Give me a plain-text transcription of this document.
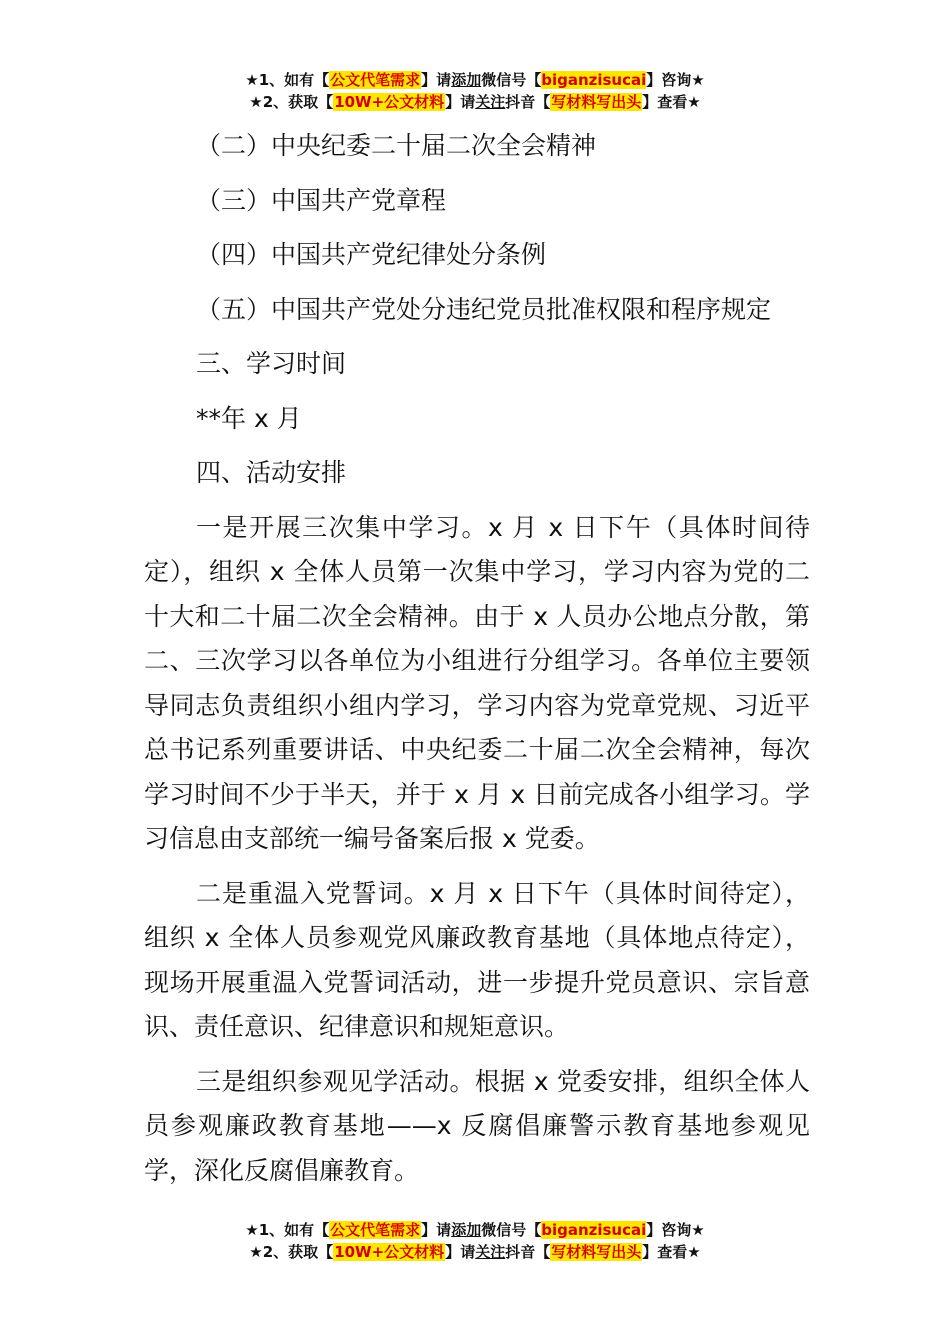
★1、如有【公文代笔需求】请添加微信号【biganzisucai】咨询★
★2、获取【10W+公文材料】请关注抖音【写材料写出头】查看★
（二）中央纪委二十届二次全会精神
（三）中国共产党章程
（四）中国共产党纪律处分条例
（五）中国共产党处分违纪党员批准权限和程序规定
三、学习时间
**年 x 月
四、活动安排

一是开展三次集中学习。x 月 x 日下午（具体时间待定），组织 x 全体人员第一次集中学习，学习内容为党的二十大和二十届二次全会精神。由于 x 人员办公地点分散，第二、三次学习以各单位为小组进行分组学习。各单位主要领导同志负责组织小组内学习，学习内容为党章党规、习近平总书记系列重要讲话、中央纪委二十届二次全会精神，每次学习时间不少于半天，并于 x 月 x 日前完成各小组学习。学习信息由支部统一编号备案后报 x 党委。

二是重温入党誓词。x 月 x 日下午（具体时间待定），组织 x 全体人员参观党风廉政教育基地（具体地点待定），现场开展重温入党誓词活动，进一步提升党员意识、宗旨意识、责任意识、纪律意识和规矩意识。

三是组织参观见学活动。根据 x 党委安排，组织全体人员参观廉政教育基地——x 反腐倡廉警示教育基地参观见学，深化反腐倡廉教育。

★1、如有【公文代笔需求】请添加微信号【biganzisucai】咨询★
★2、获取【10W+公文材料】请关注抖音【写材料写出头】查看★
